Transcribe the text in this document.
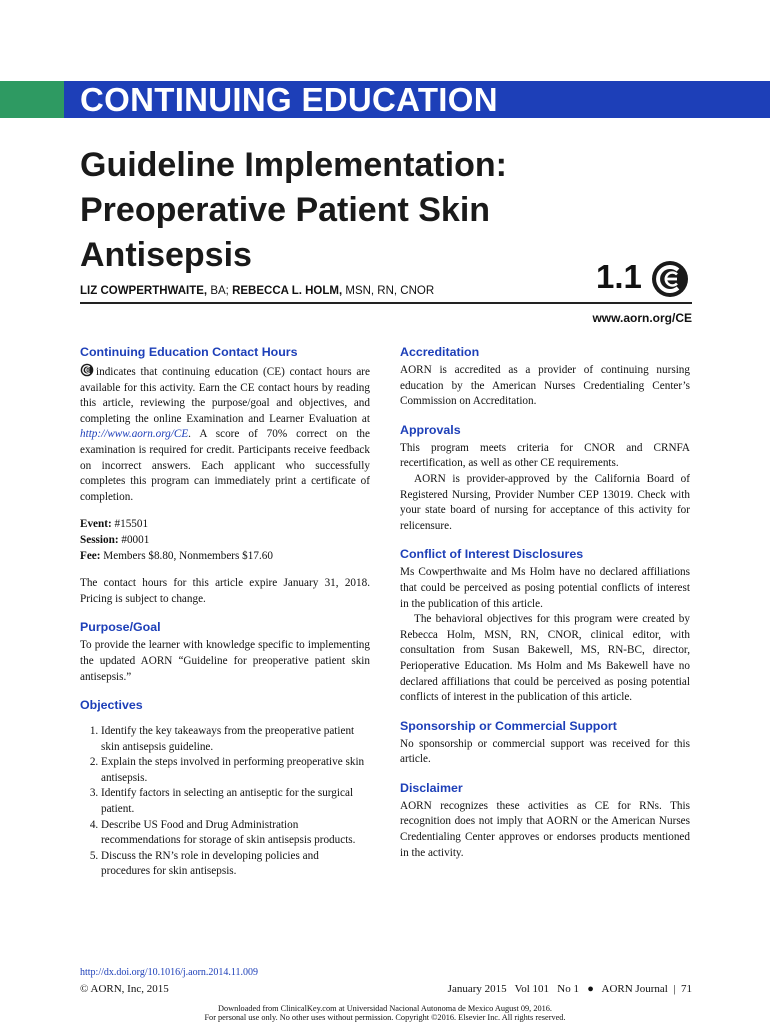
CONTINUING EDUCATION
Guideline Implementation:
Preoperative Patient Skin
Antisepsis
LIZ COWPERTHWAITE, BA; REBECCA L. HOLM, MSN, RN, CNOR	1.1
www.aorn.org/CE
Continuing Education Contact Hours

indicates that continuing education (CE) contact hours are available for this activity. Earn the CE contact hours by reading this article, reviewing the purpose/goal and objectives, and completing the online Examination and Learner Evaluation at http://www.aorn.org/CE. A score of 70% correct on the examination is required for credit. Participants receive feedback on incorrect answers. Each applicant who successfully completes this program can immediately print a certificate of completion.

Event: #15501
Session: #0001
Fee: Members $8.80, Nonmembers $17.60

The contact hours for this article expire January 31, 2018. Pricing is subject to change.

Purpose/Goal

To provide the learner with knowledge specific to implementing the updated AORN “Guideline for preoperative patient skin antisepsis.”

Objectives
1. Identify the key takeaways from the preoperative patient skin antisepsis guideline.
2. Explain the steps involved in performing preoperative skin antisepsis.
3. Identify factors in selecting an antiseptic for the surgical patient.
4. Describe US Food and Drug Administration recommendations for storage of skin antisepsis products.
5. Discuss the RN’s role in developing policies and procedures for skin antisepsis.
Accreditation

AORN is accredited as a provider of continuing nursing education by the American Nurses Credentialing Center’s Commission on Accreditation.

Approvals

This program meets criteria for CNOR and CRNFA recertification, as well as other CE requirements.

AORN is provider-approved by the California Board of Registered Nursing, Provider Number CEP 13019. Check with your state board of nursing for acceptance of this activity for relicensure.

Conflict of Interest Disclosures

Ms Cowperthwaite and Ms Holm have no declared affiliations that could be perceived as posing potential conflicts of interest in the publication of this article.

The behavioral objectives for this program were created by Rebecca Holm, MSN, RN, CNOR, clinical editor, with consultation from Susan Bakewell, MS, RN-BC, director, Perioperative Education. Ms Holm and Ms Bakewell have no declared affiliations that could be perceived as posing potential conflicts of interest in the publication of this article.

Sponsorship or Commercial Support

No sponsorship or commercial support was received for this article.

Disclaimer

AORN recognizes these activities as CE for RNs. This recognition does not imply that AORN or the American Nurses Credentialing Center approves or endorses products mentioned in the activity.

http://dx.doi.org/10.1016/j.aorn.2014.11.009
© AORN, Inc, 2015	January 2015   Vol 101   No 1   ●   AORN Journal  |  71
Downloaded from ClinicalKey.com at Universidad Nacional Autonoma de Mexico August 09, 2016.
For personal use only. No other uses without permission. Copyright ©2016. Elsevier Inc. All rights reserved.
